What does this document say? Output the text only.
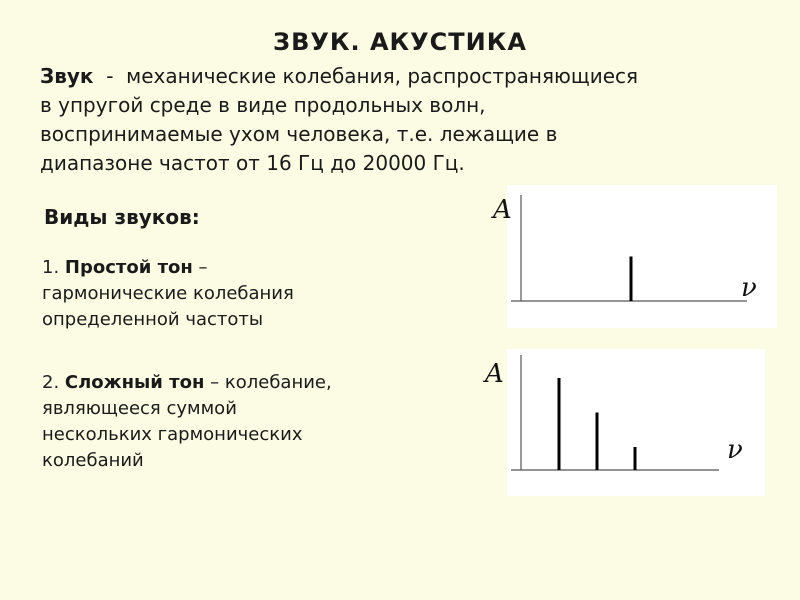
ЗВУК. АКУСТИКА
Звук  -  механические колебания, распространяющиеся
в упругой среде в виде продольных волн,
воспринимаемые ухом человека, т.е. лежащие в
диапазоне частот от 16 Гц до 20000 Гц.
Виды звуков:
1. Простой тон –
гармонические колебания
определенной частоты
2. Сложный тон – колебание,
являющееся суммой
нескольких гармонических
колебаний
A
ν
A
ν
